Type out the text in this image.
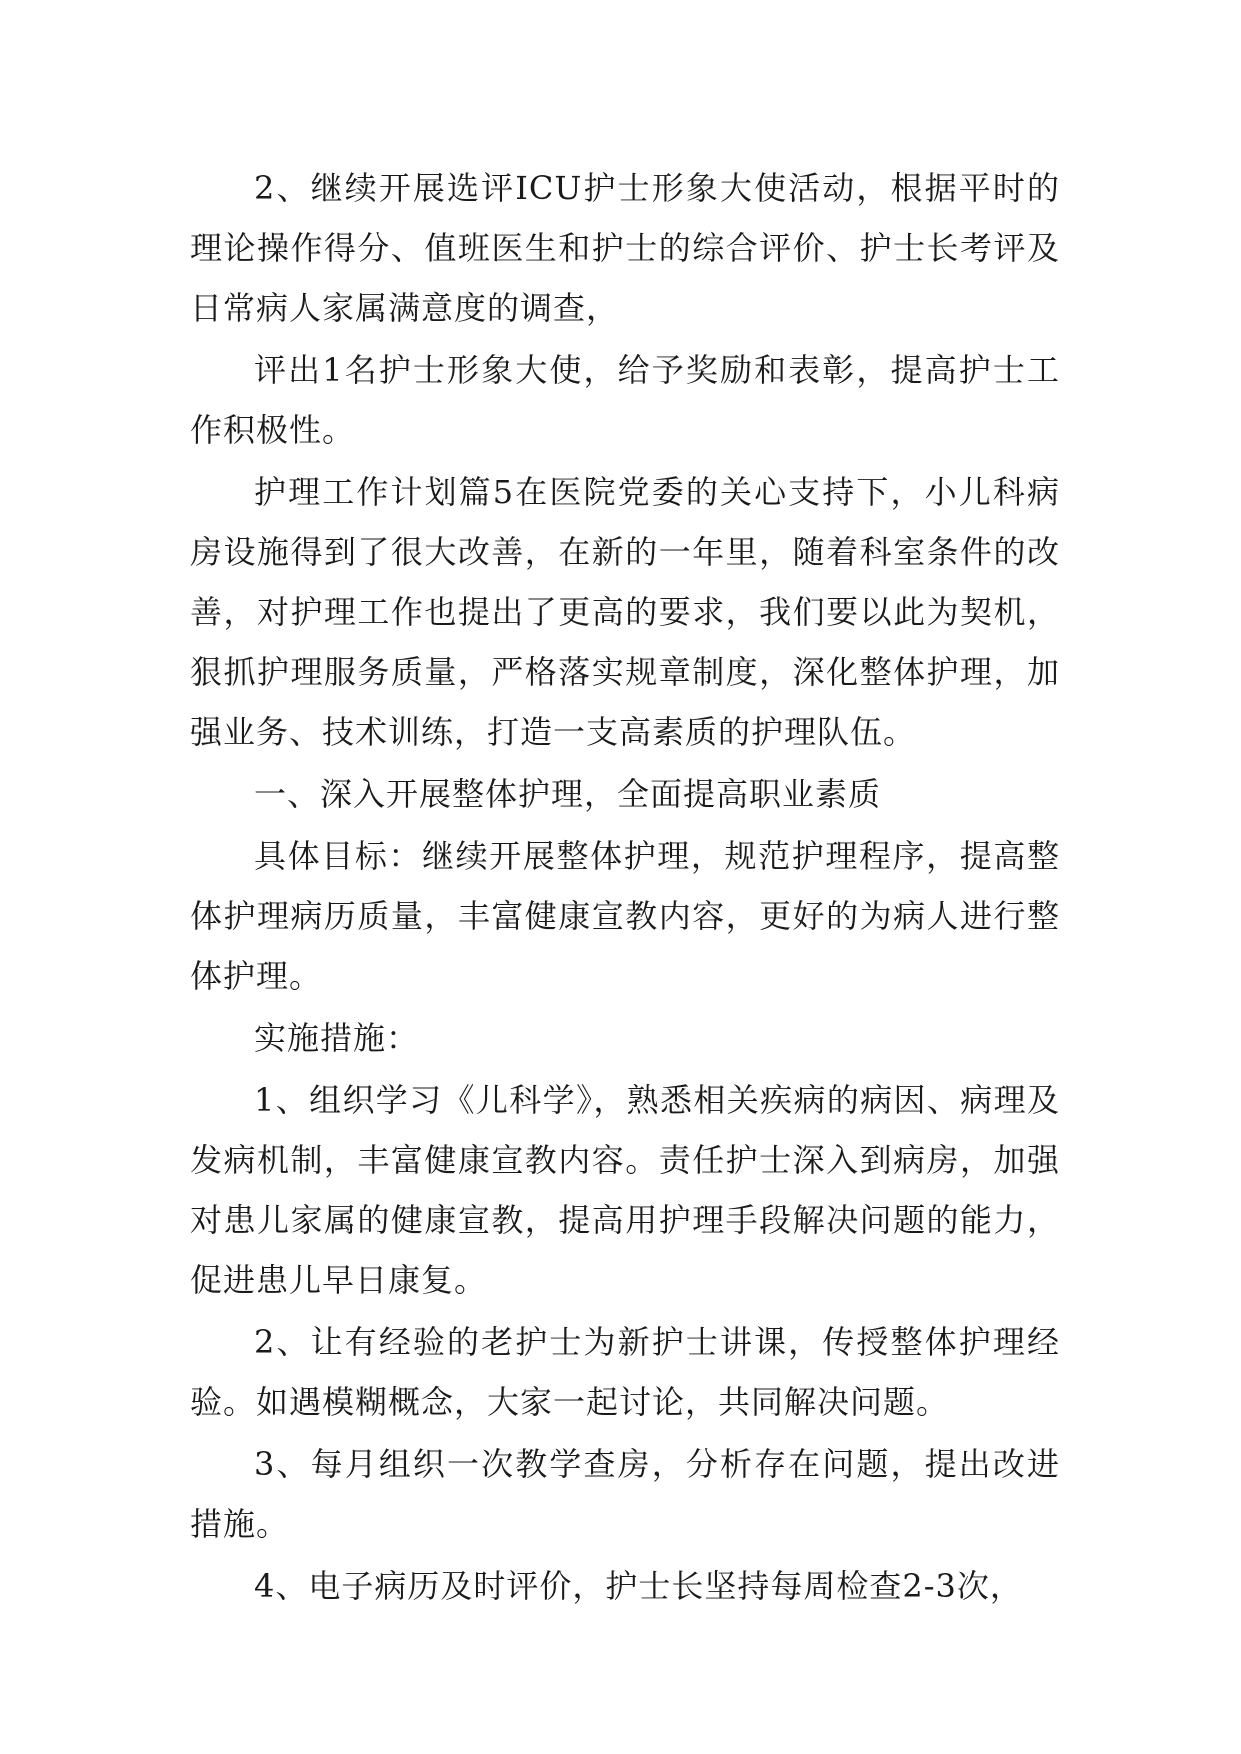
2、继续开展选评ICU护士形象大使活动，根据平时的理论操作得分、值班医生和护士的综合评价、护士长考评及日常病人家属满意度的调查，

评出1名护士形象大使，给予奖励和表彰，提高护士工作积极性。

护理工作计划篇5在医院党委的关心支持下，小儿科病房设施得到了很大改善，在新的一年里，随着科室条件的改善，对护理工作也提出了更高的要求，我们要以此为契机，狠抓护理服务质量，严格落实规章制度，深化整体护理，加强业务、技术训练，打造一支高素质的护理队伍。

一、深入开展整体护理，全面提高职业素质

具体目标：继续开展整体护理，规范护理程序，提高整体护理病历质量，丰富健康宣教内容，更好的为病人进行整体护理。

实施措施：

1、组织学习《儿科学》，熟悉相关疾病的病因、病理及发病机制，丰富健康宣教内容。责任护士深入到病房，加强对患儿家属的健康宣教，提高用护理手段解决问题的能力，促进患儿早日康复。

2、让有经验的老护士为新护士讲课，传授整体护理经验。如遇模糊概念，大家一起讨论，共同解决问题。

3、每月组织一次教学查房，分析存在问题，提出改进措施。

4、电子病历及时评价，护士长坚持每周检查2-3次，
